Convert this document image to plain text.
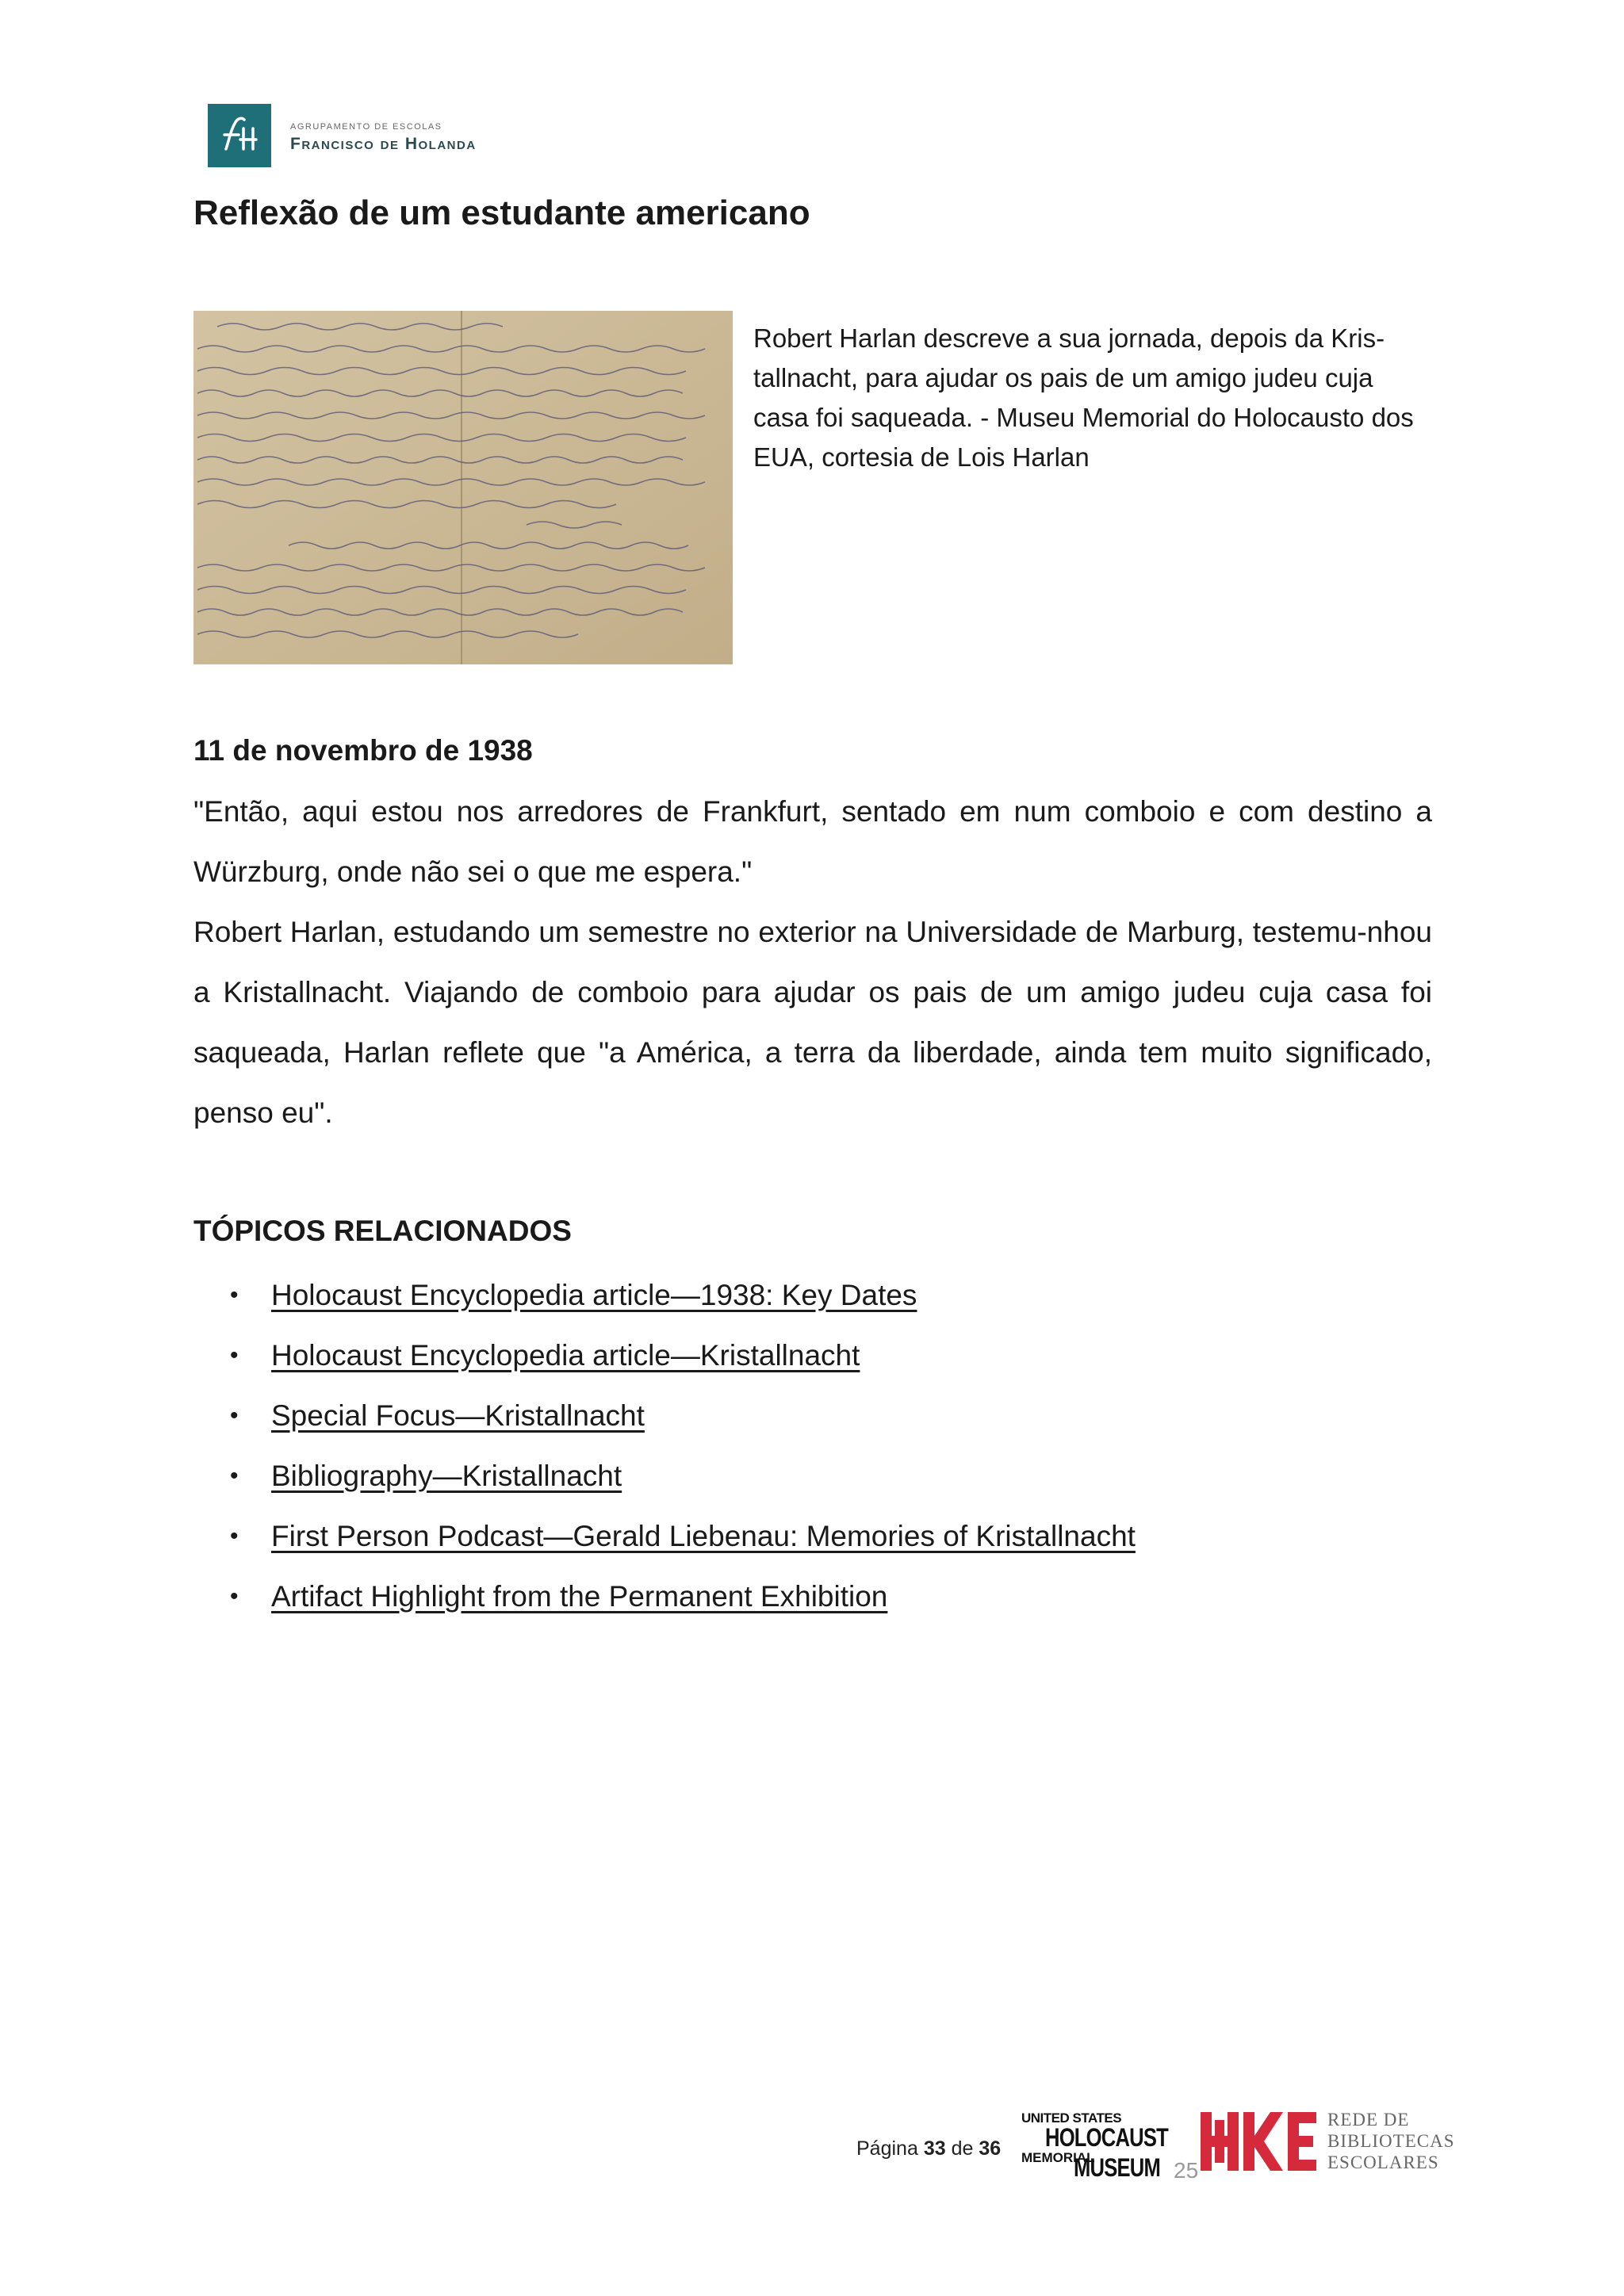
AGRUPAMENTO DE ESCOLAS
Francisco de Holanda
Reflexão de um estudante americano
Robert Harlan descreve a sua jornada, depois da Kris-tallnacht, para ajudar os pais de um amigo judeu cuja casa foi saqueada. - Museu Memorial do Holocausto dos EUA, cortesia de Lois Harlan
11 de novembro de 1938

"Então, aqui estou nos arredores de Frankfurt, sentado em num comboio e com destino a Würzburg, onde não sei o que me espera."

Robert Harlan, estudando um semestre no exterior na Universidade de Marburg, testemu-nhou a Kristallnacht. Viajando de comboio para ajudar os pais de um amigo judeu cuja casa foi saqueada, Harlan reflete que "a América, a terra da liberdade, ainda tem muito significado, penso eu".

TÓPICOS RELACIONADOS
•	Holocaust Encyclopedia article—1938: Key Dates
•	Holocaust Encyclopedia article—Kristallnacht
•	Special Focus—Kristallnacht
•	Bibliography—Kristallnacht
•	First Person Podcast—Gerald Liebenau: Memories of Kristallnacht
•	Artifact Highlight from the Permanent Exhibition
Página 33 de 36
UNITED STATES
HOLOCAUST
MEMORIAL
MUSEUM 25
REDE DE
BIBLIOTECAS
ESCOLARES
